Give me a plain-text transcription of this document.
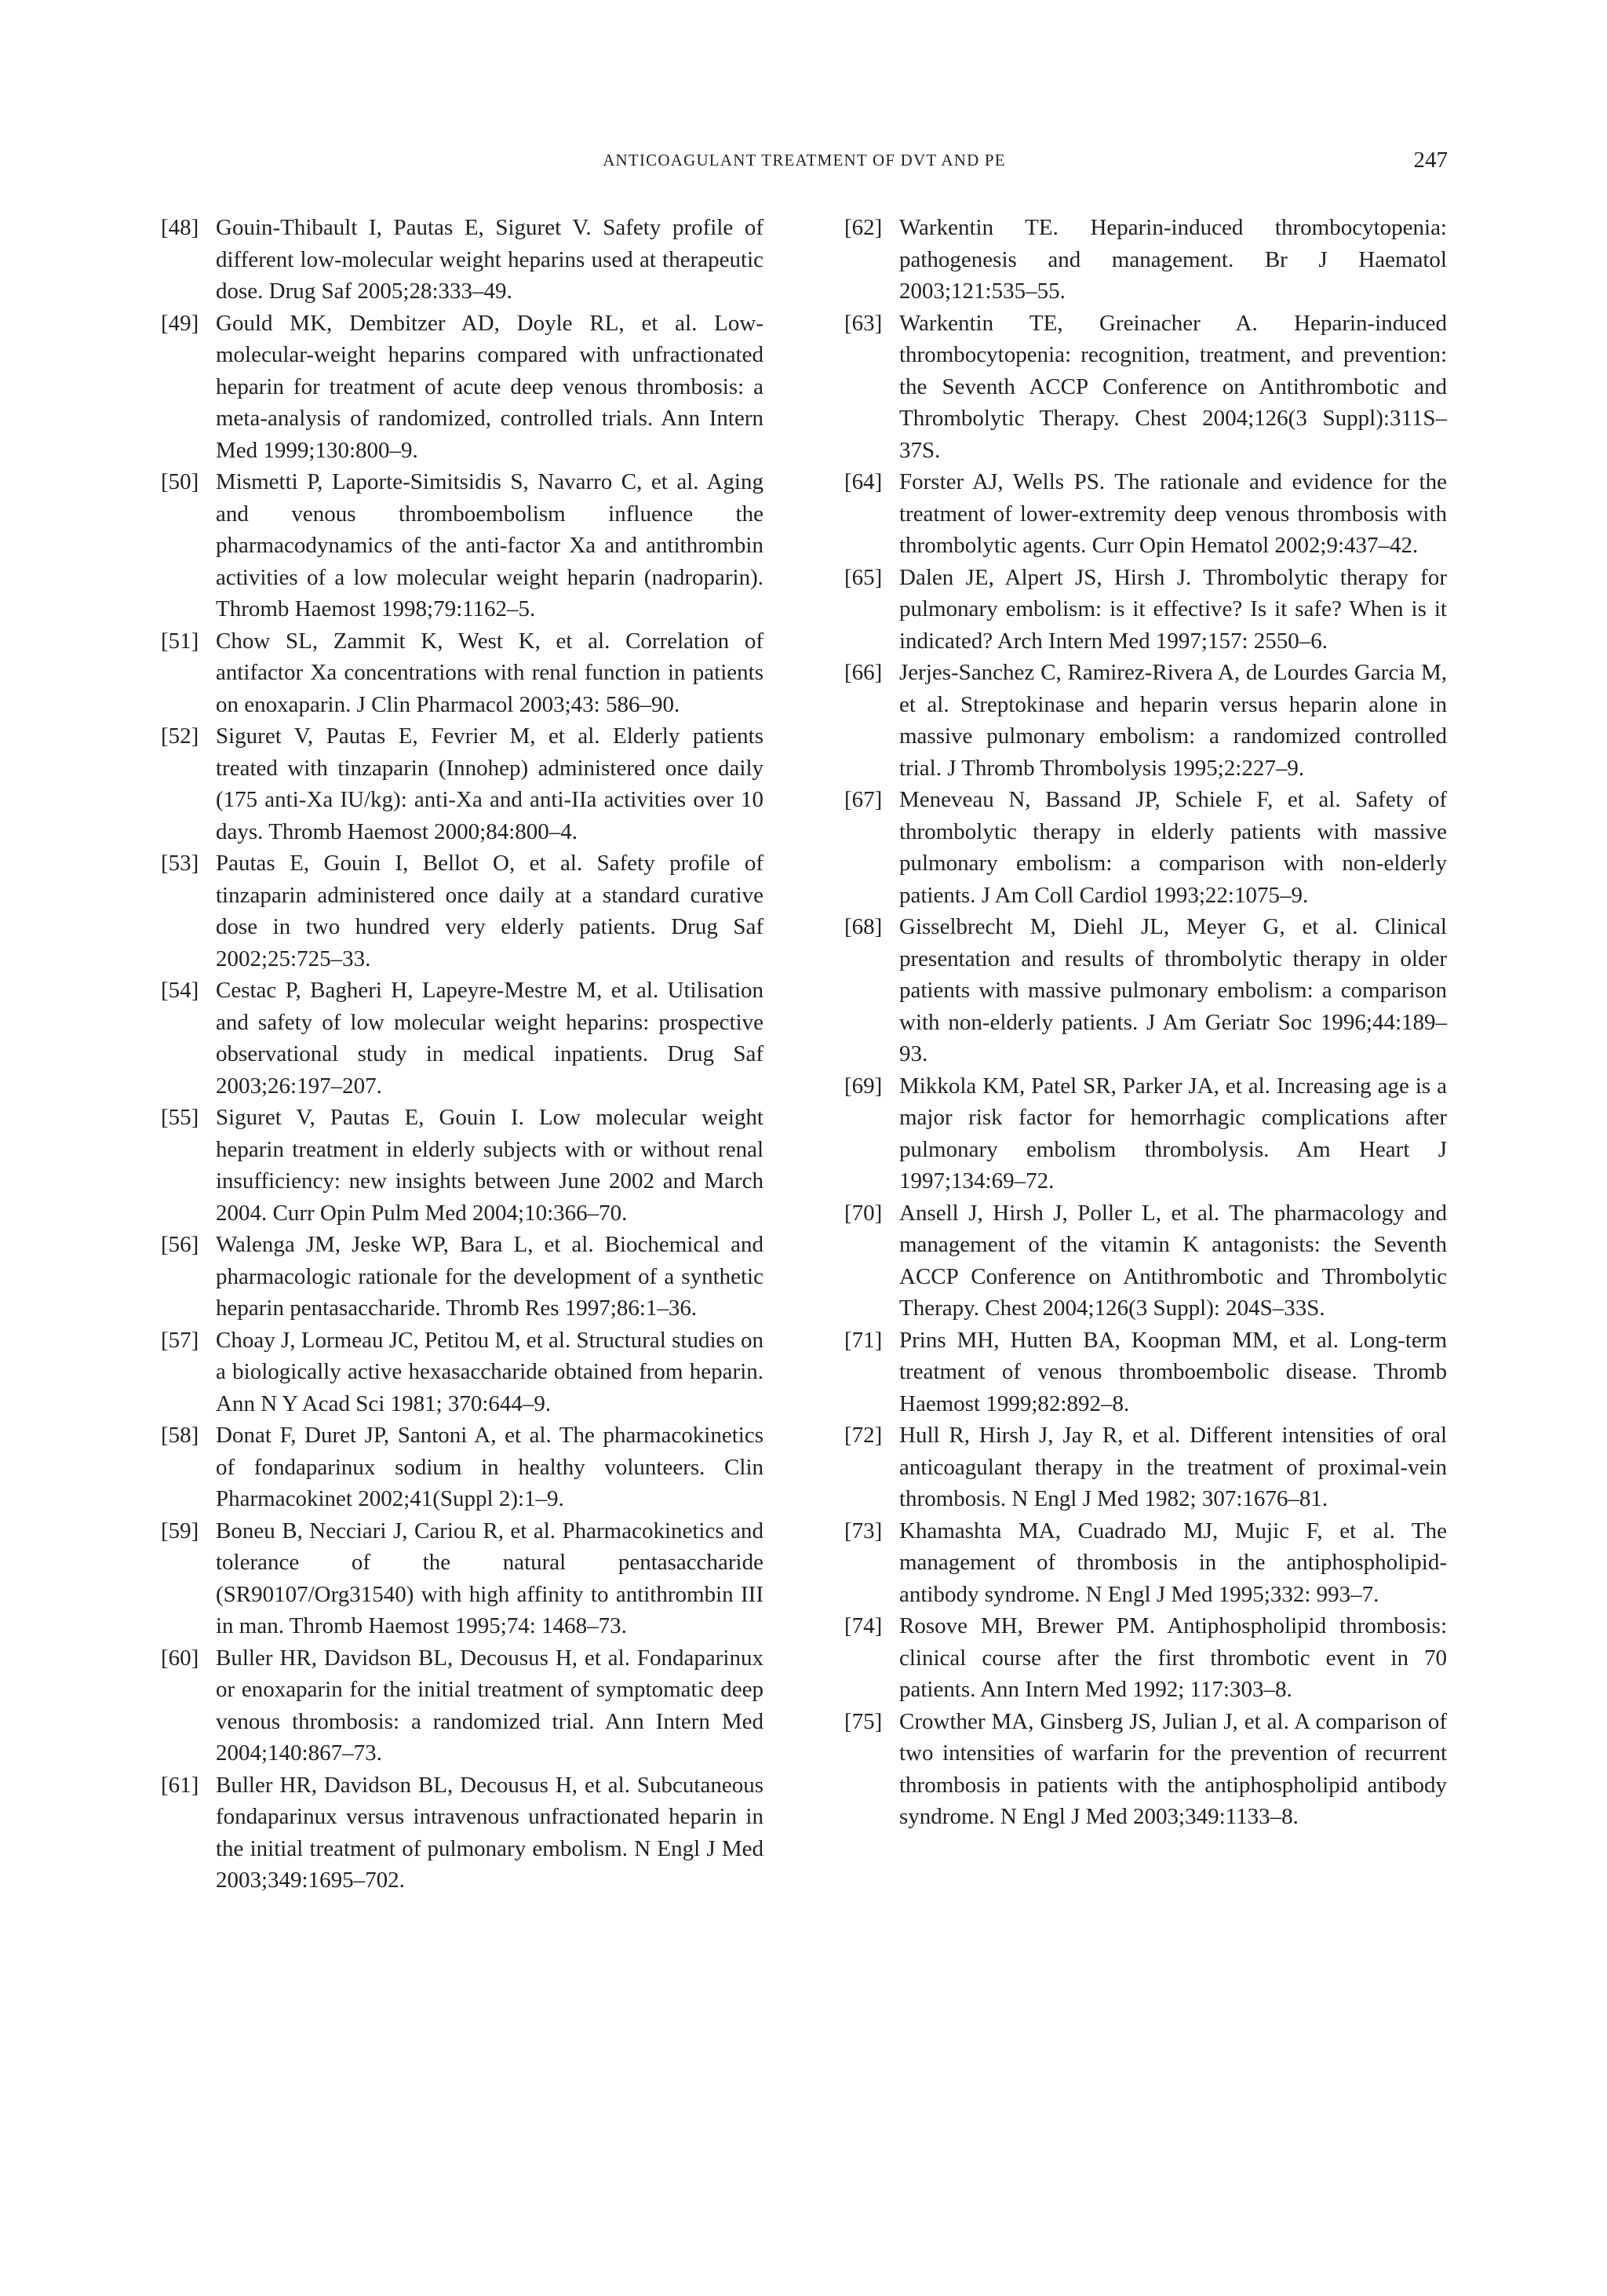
ANTICOAGULANT TREATMENT OF DVT AND PE	247

[48] Gouin-Thibault I, Pautas E, Siguret V. Safety profile of different low-molecular weight heparins used at therapeutic dose. Drug Saf 2005;28:333–49.

[49] Gould MK, Dembitzer AD, Doyle RL, et al. Low-molecular-weight heparins compared with unfractionated heparin for treatment of acute deep venous thrombosis: a meta-analysis of randomized, controlled trials. Ann Intern Med 1999;130:800–9.

[50] Mismetti P, Laporte-Simitsidis S, Navarro C, et al. Aging and venous thromboembolism influence the pharmacodynamics of the anti-factor Xa and antithrombin activities of a low molecular weight heparin (nadroparin). Thromb Haemost 1998;79:1162–5.

[51] Chow SL, Zammit K, West K, et al. Correlation of antifactor Xa concentrations with renal function in patients on enoxaparin. J Clin Pharmacol 2003;43: 586–90.

[52] Siguret V, Pautas E, Fevrier M, et al. Elderly patients treated with tinzaparin (Innohep) administered once daily (175 anti-Xa IU/kg): anti-Xa and anti-IIa activities over 10 days. Thromb Haemost 2000;84:800–4.

[53] Pautas E, Gouin I, Bellot O, et al. Safety profile of tinzaparin administered once daily at a standard curative dose in two hundred very elderly patients. Drug Saf 2002;25:725–33.

[54] Cestac P, Bagheri H, Lapeyre-Mestre M, et al. Utilisation and safety of low molecular weight heparins: prospective observational study in medical inpatients. Drug Saf 2003;26:197–207.

[55] Siguret V, Pautas E, Gouin I. Low molecular weight heparin treatment in elderly subjects with or without renal insufficiency: new insights between June 2002 and March 2004. Curr Opin Pulm Med 2004;10:366–70.

[56] Walenga JM, Jeske WP, Bara L, et al. Biochemical and pharmacologic rationale for the development of a synthetic heparin pentasaccharide. Thromb Res 1997;86:1–36.

[57] Choay J, Lormeau JC, Petitou M, et al. Structural studies on a biologically active hexasaccharide obtained from heparin. Ann N Y Acad Sci 1981; 370:644–9.

[58] Donat F, Duret JP, Santoni A, et al. The pharmacokinetics of fondaparinux sodium in healthy volunteers. Clin Pharmacokinet 2002;41(Suppl 2):1–9.

[59] Boneu B, Necciari J, Cariou R, et al. Pharmacokinetics and tolerance of the natural pentasaccharide (SR90107/Org31540) with high affinity to antithrombin III in man. Thromb Haemost 1995;74: 1468–73.

[60] Buller HR, Davidson BL, Decousus H, et al. Fondaparinux or enoxaparin for the initial treatment of symptomatic deep venous thrombosis: a randomized trial. Ann Intern Med 2004;140:867–73.

[61] Buller HR, Davidson BL, Decousus H, et al. Subcutaneous fondaparinux versus intravenous unfractionated heparin in the initial treatment of pulmonary embolism. N Engl J Med 2003;349:1695–702.

[62] Warkentin TE. Heparin-induced thrombocytopenia: pathogenesis and management. Br J Haematol 2003;121:535–55.

[63] Warkentin TE, Greinacher A. Heparin-induced thrombocytopenia: recognition, treatment, and prevention: the Seventh ACCP Conference on Antithrombotic and Thrombolytic Therapy. Chest 2004;126(3 Suppl):311S–37S.

[64] Forster AJ, Wells PS. The rationale and evidence for the treatment of lower-extremity deep venous thrombosis with thrombolytic agents. Curr Opin Hematol 2002;9:437–42.

[65] Dalen JE, Alpert JS, Hirsh J. Thrombolytic therapy for pulmonary embolism: is it effective? Is it safe? When is it indicated? Arch Intern Med 1997;157: 2550–6.

[66] Jerjes-Sanchez C, Ramirez-Rivera A, de Lourdes Garcia M, et al. Streptokinase and heparin versus heparin alone in massive pulmonary embolism: a randomized controlled trial. J Thromb Thrombolysis 1995;2:227–9.

[67] Meneveau N, Bassand JP, Schiele F, et al. Safety of thrombolytic therapy in elderly patients with massive pulmonary embolism: a comparison with non-elderly patients. J Am Coll Cardiol 1993;22:1075–9.

[68] Gisselbrecht M, Diehl JL, Meyer G, et al. Clinical presentation and results of thrombolytic therapy in older patients with massive pulmonary embolism: a comparison with non-elderly patients. J Am Geriatr Soc 1996;44:189–93.

[69] Mikkola KM, Patel SR, Parker JA, et al. Increasing age is a major risk factor for hemorrhagic complications after pulmonary embolism thrombolysis. Am Heart J 1997;134:69–72.

[70] Ansell J, Hirsh J, Poller L, et al. The pharmacology and management of the vitamin K antagonists: the Seventh ACCP Conference on Antithrombotic and Thrombolytic Therapy. Chest 2004;126(3 Suppl): 204S–33S.

[71] Prins MH, Hutten BA, Koopman MM, et al. Long-term treatment of venous thromboembolic disease. Thromb Haemost 1999;82:892–8.

[72] Hull R, Hirsh J, Jay R, et al. Different intensities of oral anticoagulant therapy in the treatment of proximal-vein thrombosis. N Engl J Med 1982; 307:1676–81.

[73] Khamashta MA, Cuadrado MJ, Mujic F, et al. The management of thrombosis in the antiphospholipid-antibody syndrome. N Engl J Med 1995;332: 993–7.

[74] Rosove MH, Brewer PM. Antiphospholipid thrombosis: clinical course after the first thrombotic event in 70 patients. Ann Intern Med 1992; 117:303–8.

[75] Crowther MA, Ginsberg JS, Julian J, et al. A comparison of two intensities of warfarin for the prevention of recurrent thrombosis in patients with the antiphospholipid antibody syndrome. N Engl J Med 2003;349:1133–8.
